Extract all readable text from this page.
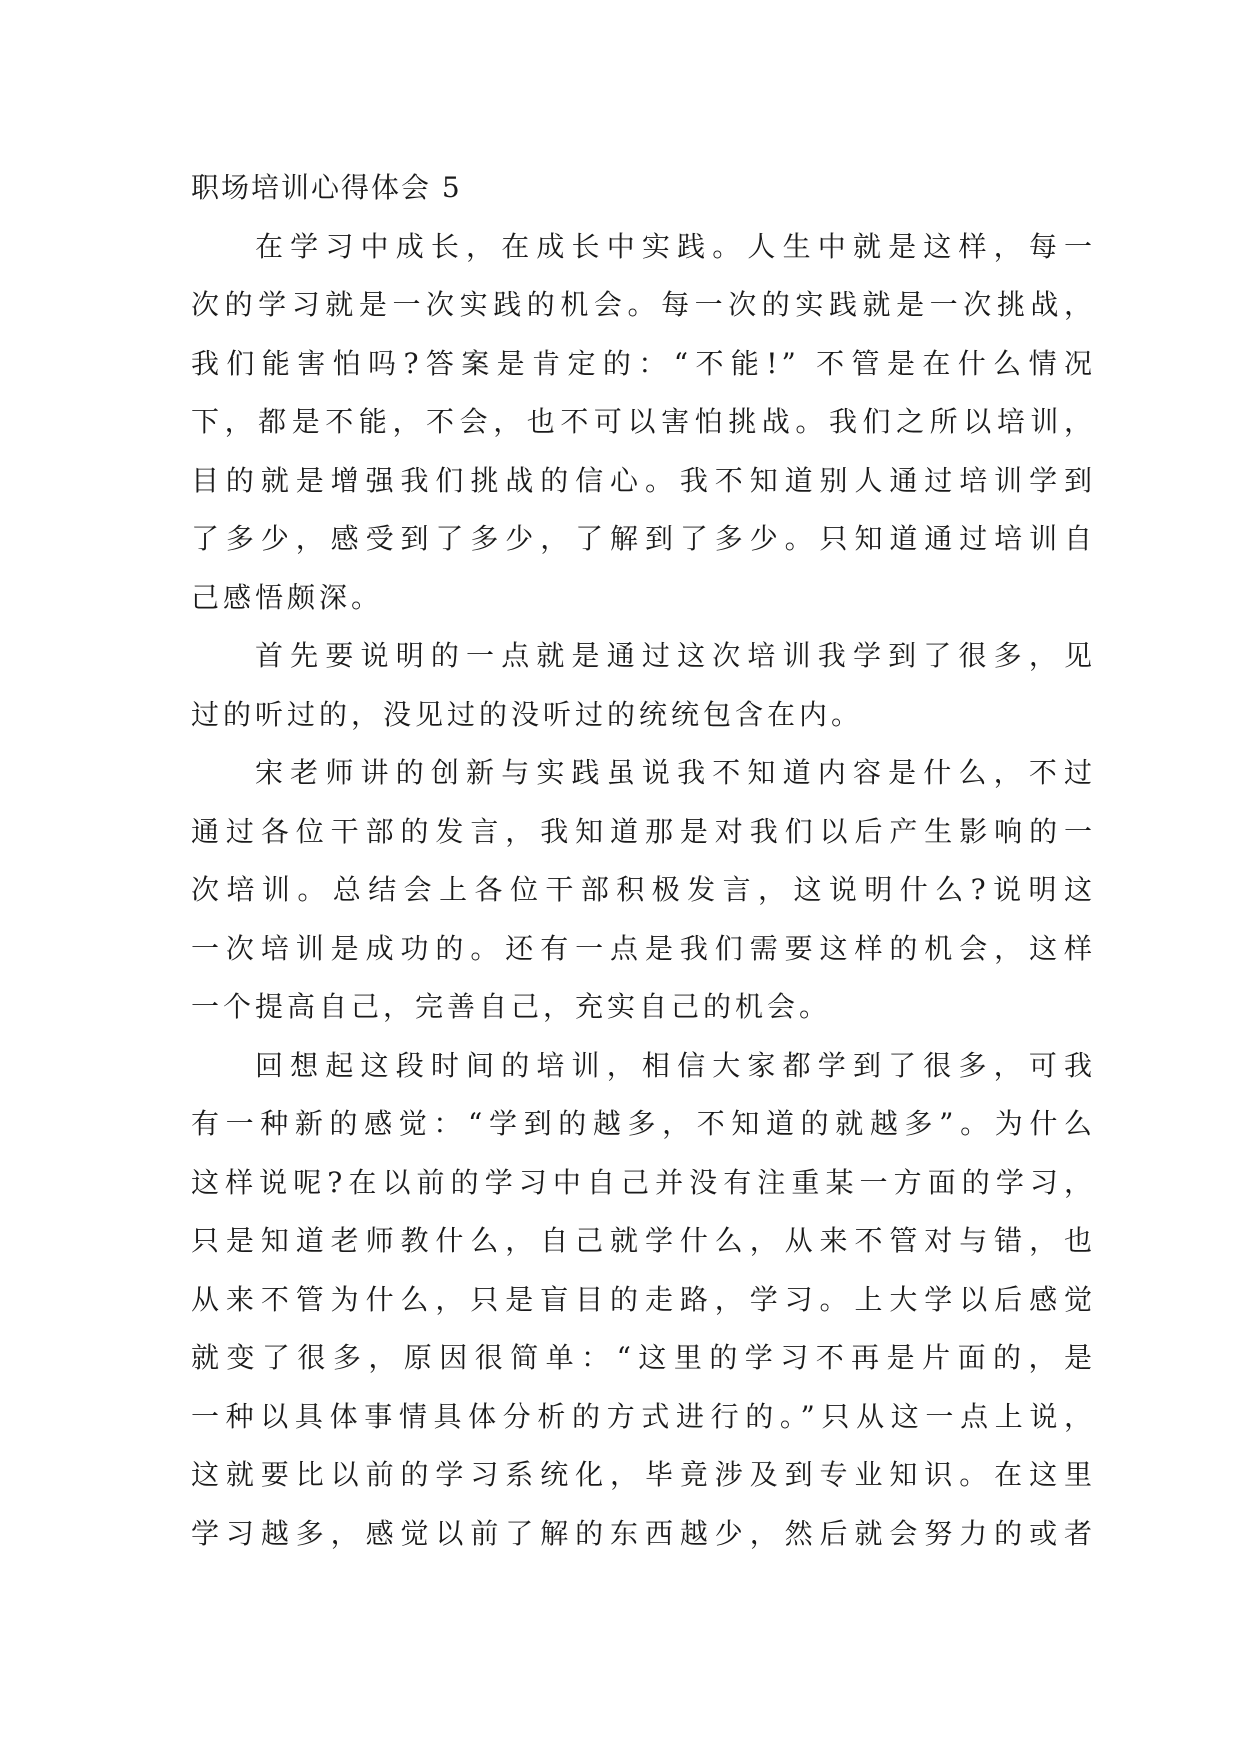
职场培训心得体会 5
在学习中成长，在成长中实践。人生中就是这样，每一
次的学习就是一次实践的机会。每一次的实践就是一次挑战，
我们能害怕吗?答案是肯定的：“不能!” 不管是在什么情况
下，都是不能，不会，也不可以害怕挑战。我们之所以培训，
目的就是增强我们挑战的信心。我不知道别人通过培训学到
了多少，感受到了多少，了解到了多少。只知道通过培训自
己感悟颇深。
首先要说明的一点就是通过这次培训我学到了很多，见
过的听过的，没见过的没听过的统统包含在内。
宋老师讲的创新与实践虽说我不知道内容是什么，不过
通过各位干部的发言，我知道那是对我们以后产生影响的一
次培训。总结会上各位干部积极发言，这说明什么?说明这
一次培训是成功的。还有一点是我们需要这样的机会，这样
一个提高自己，完善自己，充实自己的机会。
回想起这段时间的培训，相信大家都学到了很多，可我
有一种新的感觉：“学到的越多，不知道的就越多”。为什么
这样说呢?在以前的学习中自己并没有注重某一方面的学习，
只是知道老师教什么，自己就学什么，从来不管对与错，也
从来不管为什么，只是盲目的走路，学习。上大学以后感觉
就变了很多，原因很简单：“这里的学习不再是片面的，是
一种以具体事情具体分析的方式进行的。”只从这一点上说，
这就要比以前的学习系统化，毕竟涉及到专业知识。在这里
学习越多，感觉以前了解的东西越少，然后就会努力的或者
